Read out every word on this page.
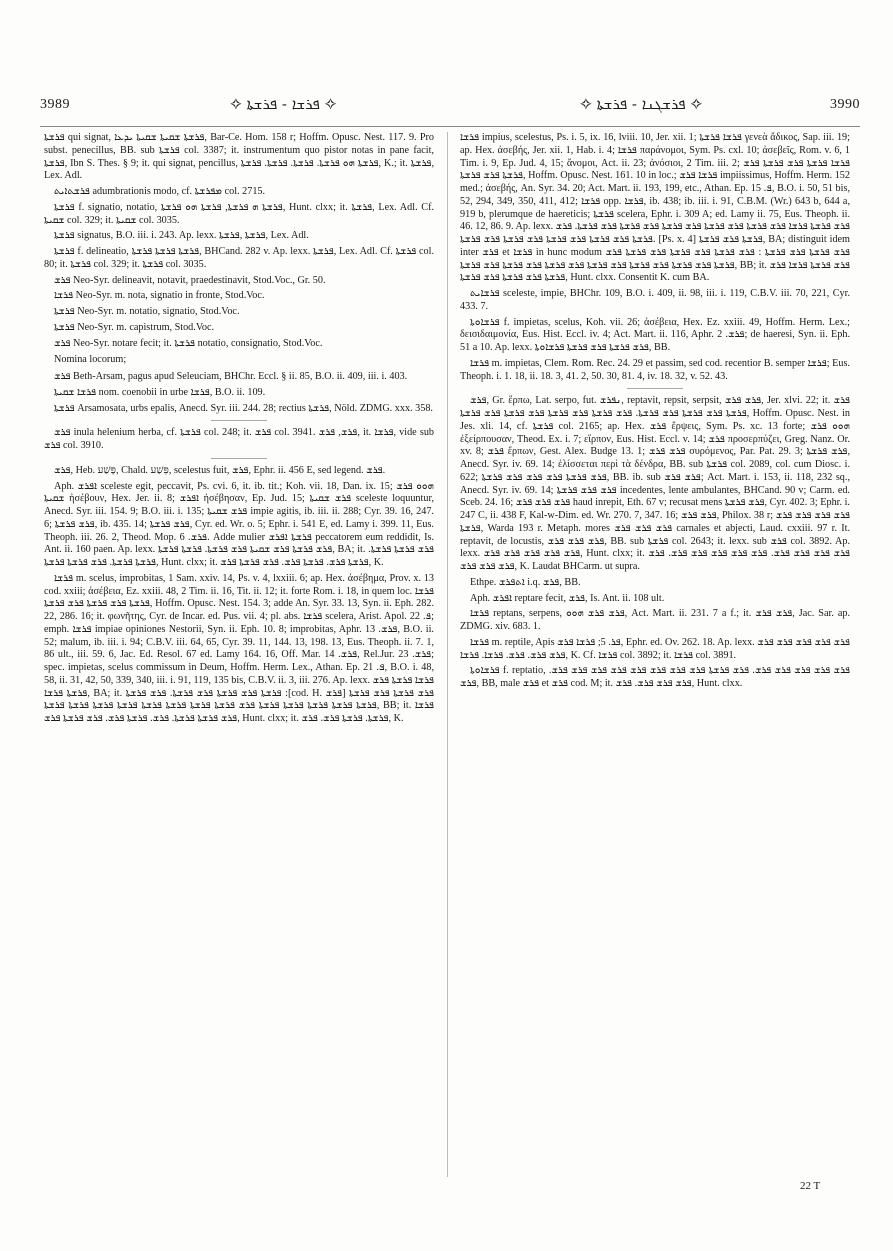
3989	✧ ܦܪܫܐ - ܦܪܫܬܐ ✧	✧ ܦܪܫܓܢܐ - ܦܪܫܬܐ ✧	3990

ܦܪܫܬܐ qui signat, ܦܪܫܬܐ ܫܩܝܬܐ ܫܩܝܬܐ ܝܕܥܐ, Bar-Ce. Hom. 158 r; Hoffm. Opusc. Nest. 117. 9. Pro subst. penecillus, BB. sub ܦܪܫܬܐ col. 3387; it. instrumentum quo pistor notas in pane facit, ܦܪܫܬܐ, Ibn S. Thes. § 9; it. qui signat, pencillus, ܦܪܫܬܐ ܗܘ ܦܪܫܬܐ. ܦܪܫܬܐ. ܦܪܫܬܐ. ܦܪܫܬܐ, K.; it. ܦܪܫܬܐ, Lex. Adl.

ܦܪܫܬܐܝܬ adumbrationis modo, cf. ܡܦܪܫܬܐ col. 2715.

ܦܪܫܬܐ f. signatio, notatio, ܦܪܫܬܐ ܗ ܦܪܫܬܐ, ܦܪܫܬܐ ܗܘ ܦܪܫܬܐ, Hunt. clxx; it. ܦܪܫܬܐ, Lex. Adl. Cf. ܫܩܝܬܐ col. 329; it. ܫܩܝܬܐ col. 3035.

ܦܪܫܬܐ signatus, B.O. iii. i. 243. Ap. lexx. ܦܪܫܬܐ ,ܦܪܫܬܐ, Lex. Adl.

ܦܪܫܬܐ f. delineatio, ܦܪܫܬܐ ܦܪܫܬܐ ܦܪܫܬܐ, BHCand. 282 v. Ap. lexx. ܦܪܫܬܐ, Lex. Adl. Cf. ܦܪܫܬܐ col. 80; it. ܦܪܫܬܐ col. 329; it. ܦܪܫܬܐ col. 3035.

ܦܪܫ Neo-Syr. delineavit, notavit, praedestinavit, Stod.Voc., Gr. 50.

ܦܪܫܐ Neo-Syr. m. nota, signatio in fronte, Stod.Voc.

ܦܪܫܬܐ Neo-Syr. m. notatio, signatio, Stod.Voc.

ܦܪܫܬܐ Neo-Syr. m. capistrum, Stod.Voc.

ܦܪܫ Neo-Syr. notare fecit; it. ܦܪܫܬܐ notatio, consignatio, Stod.Voc.

Nomina locorum;

ܦܪܫ Beth-Arsam, pagus apud Seleuciam, BHChr. Eccl. § ii. 85, B.O. ii. 409, iii. i. 403.

ܦܪܫܐ ܫܩܝܬܐ nom. coenobii in urbe ܦܪܫܐ, B.O. ii. 109.

ܦܪܫܬܐ Arsamosata, urbs epalis, Anecd. Syr. iii. 244. 28; rectius ܦܪܫܬܐ, Nöld. ZDMG. xxx. 358.

ܦܪܫ inula helenium herba, cf. ܦܪܫܬܐ col. 248; it. ܦܪܫ col. 3941. ܦܪܫ, ܦܪܫ, it. ܦܪܫܐ, vide sub ܦܪܫ col. 3910.

ܦܪܫ, Heb. פָּשַׁע, Chald. פְּשַׁע, scelestus fuit, ܦܪܫ, Ephr. ii. 456 E, sed legend. ܦܪܫ.

Aph. ܐܦܪܫ sceleste egit, peccavit, Ps. cvi. 6, it. ib. tit.; Koh. vii. 18, Dan. ix. 15; ܗܘܘ ܦܪܫ ܫܩܝܬܐ ἠσέβουν, Hex. Jer. ii. 8; ܐܦܪܫ ἠσέβησαν, Ep. Jud. 15; ܦܪܫ ܫܩܝܬܐ sceleste loquuntur, Anecd. Syr. iii. 154. 9; B.O. iii. i. 135; ܦܪܫ ܫܩܝܬܐ impie agitis, ib. iii. ii. 288; Cyr. 39. 16, 247. 6; ܦܪܫ ܦܪܫܬܐ, ib. 435. 14; ܦܪܫ ܦܪܫܬܐ, Cyr. ed. Wr. o. 5; Ephr. i. 541 E, ed. Lamy i. 399. 11, Eus. Theoph. iii. 26. 2, Theod. Mop. ܦܪܫ. 6. Adde mulier ܦܪܫܬܐ ܐܦܪܫ peccatorem eum reddidit, Is. Ant. ii. 160 paen. Ap. lexx. ܦܪܫ ܦܪܫܬܐ ܦܪܫ ܫܩܝܬܐ ܦܪܫ ܦܪܫܬܐ. ܦܪܫܬܐ ܦܪܫܬܐ, BA; it. ܦܪܫ ܦܪܫܬܐ ܦܪܫܬܐ. ܦܪܫܬܐ ܦܪܫܬܐ. ܦܪܫ ܦܪܫܬܐ ܦܪܫܬܐ, Hunt. clxx; it. ܦܪܫܬܐ ܦܪܫ. ܦܪܫܬܐ ܦܪܫ. ܦܪܫ ܦܪܫܬܐ ܦܪܫ, K.

ܦܪܫܐ m. scelus, improbitas, 1 Sam. xxiv. 14, Ps. v. 4, lxxiii. 6; ap. Hex. ἀσέβημα, Prov. x. 13 cod. xxiii; ἀσέβεια, Ez. xxiii. 48, 2 Tim. ii. 16, Tit. ii. 12; it. forte Rom. i. 18, in quem loc. ܦܪܫܐ ܦܪܫܬܐ ܦܪܫ ܦܪܫܬܐ ܦܪܫ ܦܪܫܬܐ, Hoffm. Opusc. Nest. 154. 3; adde An. Syr. 33. 13, Syn. ii. Eph. 282. 22, 286. 16; it. φωνῆτης, Cyr. de Incar. ed. Pus. vii. 4; pl. abs. ܦܪܫܐ scelera, Arist. Apol. ܦ. 22; emph. ܦܪܫܐ impiae opiniones Nestorii, Syn. ii. Eph. 10. 8; improbitas, Aphr. ܦܪܫ. 13, B.O. ii. 52; malum, ib. iii. i. 94; C.B.V. iii. 64, 65, Cyr. 39. 11, 144. 13, 198. 13, Eus. Theoph. ii. 7. 1, 86 ult., iii. 59. 6, Jac. Ed. Resol. 67 ed. Lamy 164. 16, Off. Mar. ܦܪܫ. 14, Rel.Jur. ܦܪܫ. 23; spec. impietas, scelus commissum in Deum, Hoffm. Herm. Lex., Athan. Ep. ܦ. 21, B.O. i. 48, 58, ii. 31, 42, 50, 339, 340, iii. i. 91, 119, 135 bis, C.B.V. ii. 3, iii. 276. Ap. lexx. ܦܪܫܐ ܦܪܫܬܐ ܦܪܫ ܦܪܫܬܐ ܦܪܫܐ, BA; it. ܦܪܫܬܐ ܦܪܫ ܦܪܫܬܐ ܦܪܫ ܦܪܫܬܐ. ܦܪܫ ܦܪܫܬܐ :[cod. H. ܦܪܫ] ܦܪܫ ܦܪܫܬܐ ܦܪܫ ܦܪܫܬܐ ܦܪܫܬܐ ܦܪܫܬܐ ܦܪܫܬܐ ܦܪܫܬܐ ܦܪܫܬܐ ܦܪܫ ܦܪܫܬܐ ܦܪܫܬܐ ܦܪܫܬܐ ܦܪܫܬܐ ܦܪܫܬܐ ܦܪܫܬܐ ܦܪܫܬܐ ܦܪܫܬܐ, BB; it. ܦܪܫܐ ܦܪܫ ܦܪܫܬܐ ܦܪܫܬܐ. ܦܪܫ. ܦܪܫܬܐ ܦܪܫ. ܦܪܫ ܦܪܫܬܐ ܦܪܫ, Hunt. clxx; it. ܦܪܫܬܐ. ܦܪܫܬܐ ܦܪܫ. ܦܪܫ, K.

ܦܪܫܐ impius, scelestus, Ps. i. 5, ix. 16, lviii. 10, Jer. xii. 1; ܦܪܫܐ ܦܪܫܬܐ γενεὰ ἄδικος, Sap. iii. 19; ap. Hex. ἀσεβής, Jer. xii. 1, Hab. i. 4; ܦܪܫܐ παράνομοι, Sym. Ps. cxl. 10; ἀσεβεῖς, Rom. v. 6, 1 Tim. i. 9, Ep. Jud. 4, 15; ἄνομοι, Act. ii. 23; ἀνόσιοι, 2 Tim. iii. 2; ܦܪܫܐ ܦܪܫܬܐ ܦܪܫ ܦܪܫܬܐ ܦܪܫ ܦܪܫܬܐ ܦܪܫ ܦܪܫܬܐ, Hoffm. Opusc. Nest. 161. 10 in loc.; ܦܪܫܐ ܦܪܫ impiissimus, Hoffm. Herm. 152 med.; ἀσεβής, An. Syr. 34. 20; Act. Mart. ii. 193, 199, etc., Athan. Ep. ܦ. 15, B.O. i. 50, 51 bis, 52, 294, 349, 350, 411, 412; ܦܪܫܐ opp. ܦܪܫܐ, ib. 438; ib. iii. i. 91, C.B.M. (Wr.) 643 b, 644 a, 919 b, plerumque de haereticis; ܦܪܫܬܐ scelera, Ephr. i. 309 A; ed. Lamy ii. 75, Eus. Theoph. ii. 46. 12, 86. 9. Ap. lexx. ܦܪܫ ܦܪܫܬܐ ܦܪܫܐ ܦܪܫ ܦܪܫܬܐ ܦܪܫ ܦܪܫܬܐ ܦܪܫ ܦܪܫܬܐ ܦܪܫ ܦܪܫܬܐ ܦܪܫ ܦܪܫܬܐ. ܦܪܫ ܦܪܫܬܐ ܦܪܫ ܦܪܫܬܐ ܦܪܫ ܦܪܫܬܐ ܦܪܫ ܦܪܫܬܐ ܦܪܫ ܦܪܫܬܐ. [Ps. x. 4] ܦܪܫܬܐ ܦܪܫ ܦܪܫܬܐ, BA; distinguit idem inter ܦܪܫ et ܦܪܫܐ in hunc modum ܦܪܫ ܦܪܫܬܐ ܦܪܫ ܦܪܫܬܐ : ܦܪܫ ܦܪܫܬܐ ܦܪܫ ܦܪܫܬܐ ܦܪܫ ܦܪܫܬܐ ܦܪܫ ܦܪܫܬܐ ܦܪܫ ܦܪܫܬܐ ܦܪܫ ܦܪܫܬܐ ܦܪܫ ܦܪܫܬܐ ܦܪܫ ܦܪܫܬܐ ܦܪܫ ܦܪܫܬܐ ܦܪܫ ܦܪܫܬܐ, BB; it. ܦܪܫ ܦܪܫܬܐ ܦܪܫܐ ܦܪܫ ܦܪܫܬܐ ܦܪܫ ܦܪܫܬܐ ܦܪܫ ܦܪܫܬܐ, Hunt. clxx. Consentit K. cum BA.

ܦܪܫܐܝܬ sceleste, impie, BHChr. 109, B.O. i. 409, ii. 98, iii. i. 119, C.B.V. iii. 70, 221, Cyr. 433. 7.

ܦܪܫܐܘܬܐ f. impietas, scelus, Koh. vii. 26; ἀσέβεια, Hex. Ez. xxiii. 49, Hoffm. Herm. Lex.; δεισιδαιμονία, Eus. Hist. Eccl. iv. 4; Act. Mart. ii. 116, Aphr. ܦܪܫ. 2; de haeresi, Syn. ii. Eph. 51 a 10. Ap. lexx. ܦܪܫ ܦܪܫܬܐ ܦܪܫ ܦܪܫܬܐ ܦܪܫܐܘܬܐ, BB.

ܦܪܫܐ m. impietas, Clem. Rom. Rec. 24. 29 et passim, sed cod. recentior B. semper ܦܪܫܐ; Eus. Theoph. i. 1. 18, ii. 18. 3, 41. 2, 50. 30, 81. 4, iv. 18. 32, v. 52. 43.

ܦܪܫ, Gr. ἕρπω, Lat. serpo, fut. ܢܦܪܫ, reptavit, repsit, serpsit, ܦܪܫ ܦܪܫ, Jer. xlvi. 22; it. ܦܪܫ ܦܪܫܬܐ ܦܪܫ ܦܪܫܬܐ ܦܪܫ ܦܪܫܬܐ. ܦܪܫ ܦܪܫܬܐ ܦܪܫ ܦܪܫܬܐ ܦܪܫ ܦܪܫܬܐ ܦܪܫ ܦܪܫܬܐ, Hoffm. Opusc. Nest. in Jes. xli. 14, cf. ܦܪܫܬܐ col. 2165; ap. Hex. ܦܪܫ ἕρψεις, Sym. Ps. xc. 13 forte; ܗܘܘ ܦܪܫ ἐξείρπουσαν, Theod. Ex. i. 7; εἵρπον, Eus. Hist. Eccl. v. 14; ܦܪܫ προσερπύζει, Greg. Nanz. Or. xv. 8; ܦܪܫ ἕρπων, Gest. Alex. Budge 13. 1; ܦܪܫ ܦܪܫ συρόμενος, Par. Pat. 29. 3; ܦܪܫ ܦܪܫܬܐ, Anecd. Syr. iv. 69. 14; ἑλίσσεται περὶ τὰ δένδρα, BB. sub ܦܪܫܬܐ col. 2089, col. cum Diosc. i. 622; ܦܪܫ ܦܪܫܬܐ ܦܪܫ ܦܪܫ ܦܪܫ ܦܪܫܬܐ, BB. ib. sub ܦܪܫ ܦܪܫ; Act. Mart. i. 153, ii. 118, 232 sq., Anecd. Syr. iv. 69. 14; ܦܪܫ ܦܪܫ ܦܪܫܬܐ incedentes, lente ambulantes, BHCand. 90 v; Carm. ed. Sceb. 24. 16; ܦܪܫ ܦܪܫ ܦܪܫ haud inrepit, Eth. 67 v; recusat mens ܦܪܫ ܦܪܫܬܐ, Cyr. 402. 3; Ephr. i. 247 C, ii. 438 F, Kal-w-Dim. ed. Wr. 270. 7, 347. 16; ܦܪܫ ܦܪܫ, Philox. 38 r; ܦܪܫ ܦܪܫ ܦܪܫ ܦܪܫ ܦܪܫܬܐ, Warda 193 r. Metaph. mores ܦܪܫ ܦܪܫ ܦܪܫ carnales et abjecti, Laud. cxxiii. 97 r. It. reptavit, de locustis, ܦܪܫ ܦܪܫ ܦܪܫ, BB. sub ܦܪܫܬܐ col. 2643; it. lexx. sub ܦܪܫ col. 3892. Ap. lexx. ܦܪܫ ܦܪܫ ܦܪܫ ܦܪܫ ܦܪܫ, Hunt. clxx; it. ܦܪܫ ܦܪܫ ܦܪܫ ܦܪܫ. ܦܪܫ ܦܪܫ ܦܪܫ ܦܪܫ ܦܪܫ. ܦܪܫ ܦܪܫ ܦܪܫ ܦܪܫ, K. Laudat BHCarm. ut supra.

Ethpe. ܐܬܦܪܫ i.q. ܦܪܫ, BB.

Aph. ܐܦܪܫ reptare fecit, ܦܪܫ, Is. Ant. ii. 108 ult.

ܦܪܫܐ reptans, serpens, ܦܪܫ ܦܪܫ ܗܘܘ, Act. Mart. ii. 231. 7 a f.; it. ܦܪܫ ܦܪܫ, Jac. Sar. ap. ZDMG. xiv. 683. 1.

ܦܪܫܐ m. reptile, Apis ܦܪ. 5; ܦܪܫܐ ܦܪܫ, Ephr. ed. Ov. 262. 18. Ap. lexx. ܦܪܫ ܦܪܫ ܦܪܫ ܦܪܫ ܦܪܫ ܦܪܫ ܦܪܫ. ܦܪܫ. ܦܪܫܐ. ܦܪܫܐ, K. Cf. ܦܪܫܐ col. 3892; it. ܦܪܫܐ col. 3891.

ܦܪܫܐܘܬܐ f. reptatio, ܦܪܫ ܦܪܫ ܦܪܫ ܦܪܫ ܦܪܫ. ܦܪܫ ܦܪܫܬܐ ܦܪܫ ܦܪܫ ܦܪܫ ܦܪܫ ܦܪܫ ܦܪܫ ܦܪܫ ܦܪܫ. ܦܪܫ, BB, male ܦܪܫ et ܦܪܫ cod. M; it. ܦܪܫ ܦܪܫ ܦܪܫ. ܦܪܫ, Hunt. clxx.

22 T
